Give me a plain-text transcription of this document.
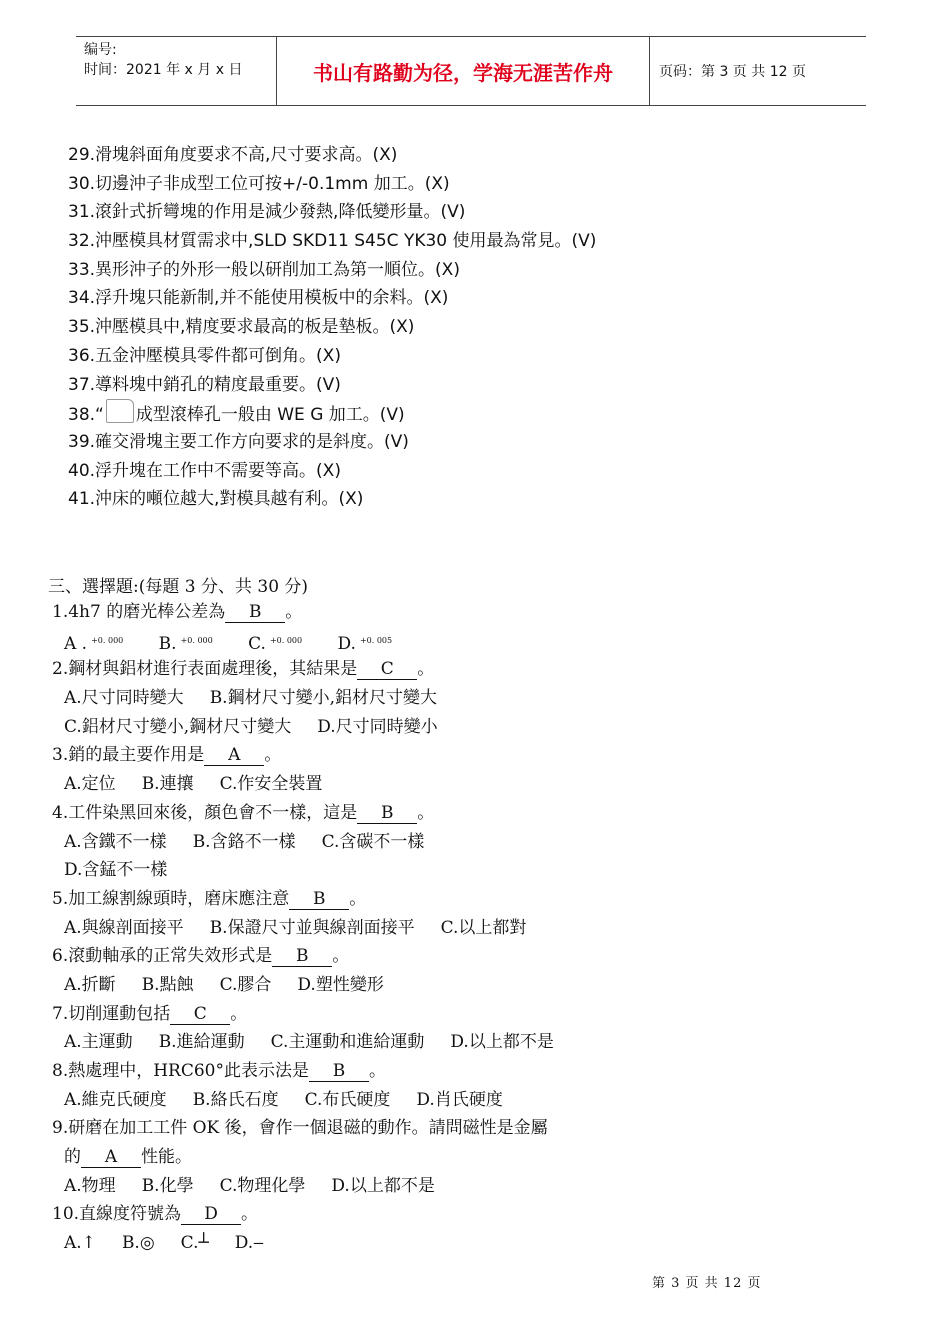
编号:
时间：2021 年 x 月 x 日	书山有路勤为径，学海无涯苦作舟	页码：第 3 页 共 12 页
29.滑塊斜面角度要求不高,尺寸要求高。(X)
30.切邊沖子非成型工位可按+/-0.1mm 加工。(X)
31.滾針式折彎塊的作用是減少發熱,降低變形量。(V)
32.沖壓模具材質需求中,SLD SKD11 S45C YK30 使用最為常見。(V)
33.異形沖子的外形一般以研削加工為第一順位。(X)
34.浮升塊只能新制,并不能使用模板中的余料。(X)
35.沖壓模具中,精度要求最高的板是墊板。(X)
36.五金沖壓模具零件都可倒角。(X)
37.導料塊中銷孔的精度最重要。(V)
38.“ 成型滾棒孔一般由 WE G 加工。(V)
39.確交滑塊主要工作方向要求的是斜度。(V)
40.浮升塊在工作中不需要等高。(X)
41.沖床的噸位越大,對模具越有利。(X)
三、選擇題:(每題 3 分、共 30 分)
1.4h7 的磨光棒公差為 B 。
A . $^{+0. 000}$ B. $^{+0. 000}$ C. $^{+0. 000}$ D. $^{+0. 005}$
2.鋼材與鋁材進行表面處理後，其結果是 C 。
A.尺寸同時變大 B.鋼材尺寸變小,鋁材尺寸變大
C.鋁材尺寸變小,鋼材尺寸變大 D.尺寸同時變小
3.銷的最主要作用是 A 。
A.定位 B.連攘 C.作安全裝置
4.工件染黑回來後，顏色會不一樣，這是 B 。
A.含鐵不一樣 B.含鉻不一樣 C.含碳不一樣
D.含錳不一樣
5.加工線割線頭時，磨床應注意 B 。
A.與線剖面接平 B.保證尺寸並與線剖面接平 C.以上都對
6.滾動軸承的正常失效形式是 B 。
A.折斷 B.點蝕 C.膠合 D.塑性變形
7.切削運動包括 C 。
A.主運動 B.進給運動 C.主運動和進給運動 D.以上都不是
8.熱處理中，HRC60°此表示法是 B 。
A.維克氏硬度 B.絡氏石度 C.布氏硬度 D.肖氏硬度
9.研磨在加工工件 OK 後，會作一個退磁的動作。請問磁性是金屬
的 A 性能。
A.物理 B.化學 C.物理化學 D.以上都不是
10.直線度符號為 D 。
A.↑ B.◎ C.┴ D.‒
第 3 页 共 12 页
